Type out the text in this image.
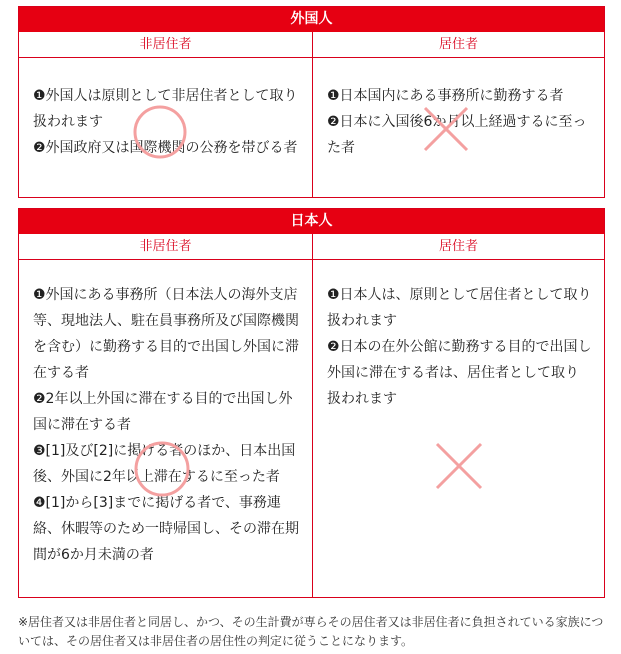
外国人
非居住者	居住者

❶外国人は原則として非居住者として取り扱われます

❷外国政府又は国際機関の公務を帯びる者

❶日本国内にある事務所に勤務する者

❷日本に入国後6か月以上経過するに至った者

日本人
非居住者	居住者

❶外国にある事務所（日本法人の海外支店等、現地法人、駐在員事務所及び国際機関を含む）に勤務する目的で出国し外国に滞在する者

❷2年以上外国に滞在する目的で出国し外国に滞在する者

❸[1]及び[2]に掲げる者のほか、日本出国後、外国に2年以上滞在するに至った者

❹[1]から[3]までに掲げる者で、事務連絡、休暇等のため一時帰国し、その滞在期間が6か月未満の者

❶日本人は、原則として居住者として取り扱われます

❷日本の在外公館に勤務する目的で出国し外国に滞在する者は、居住者として取り扱われます

※居住者又は非居住者と同居し、かつ、その生計費が専らその居住者又は非居住者に負担されている家族については、その居住者又は非居住者の居住性の判定に従うことになります。
